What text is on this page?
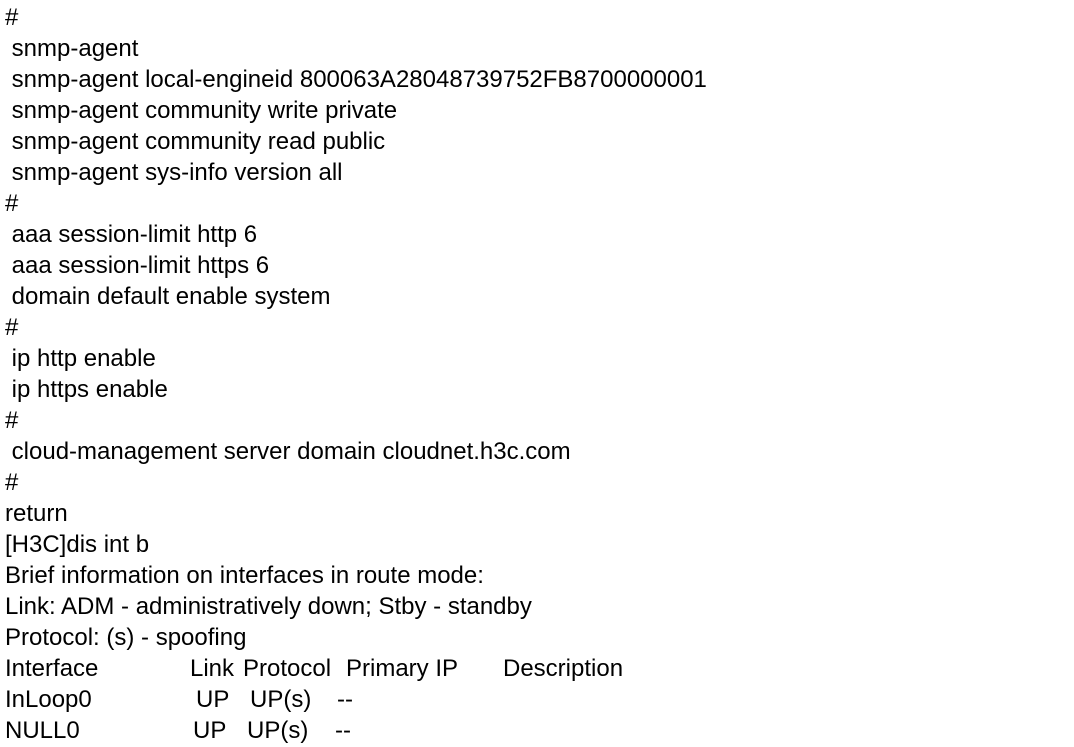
#
snmp-agent
snmp-agent local-engineid 800063A28048739752FB8700000001
snmp-agent community write private
snmp-agent community read public
snmp-agent sys-info version all
#
aaa session-limit http 6
aaa session-limit https 6
domain default enable system
#
ip http enable
ip https enable
#
cloud-management server domain cloudnet.h3c.com
#
return
[H3C]dis int b
Brief information on interfaces in route mode:
Link: ADM - administratively down; Stby - standby
Protocol: (s) - spoofing
Interface	Link Protocol Primary IP Description
InLoop0	UP UP(s) --
NULL0	UP UP(s) --
